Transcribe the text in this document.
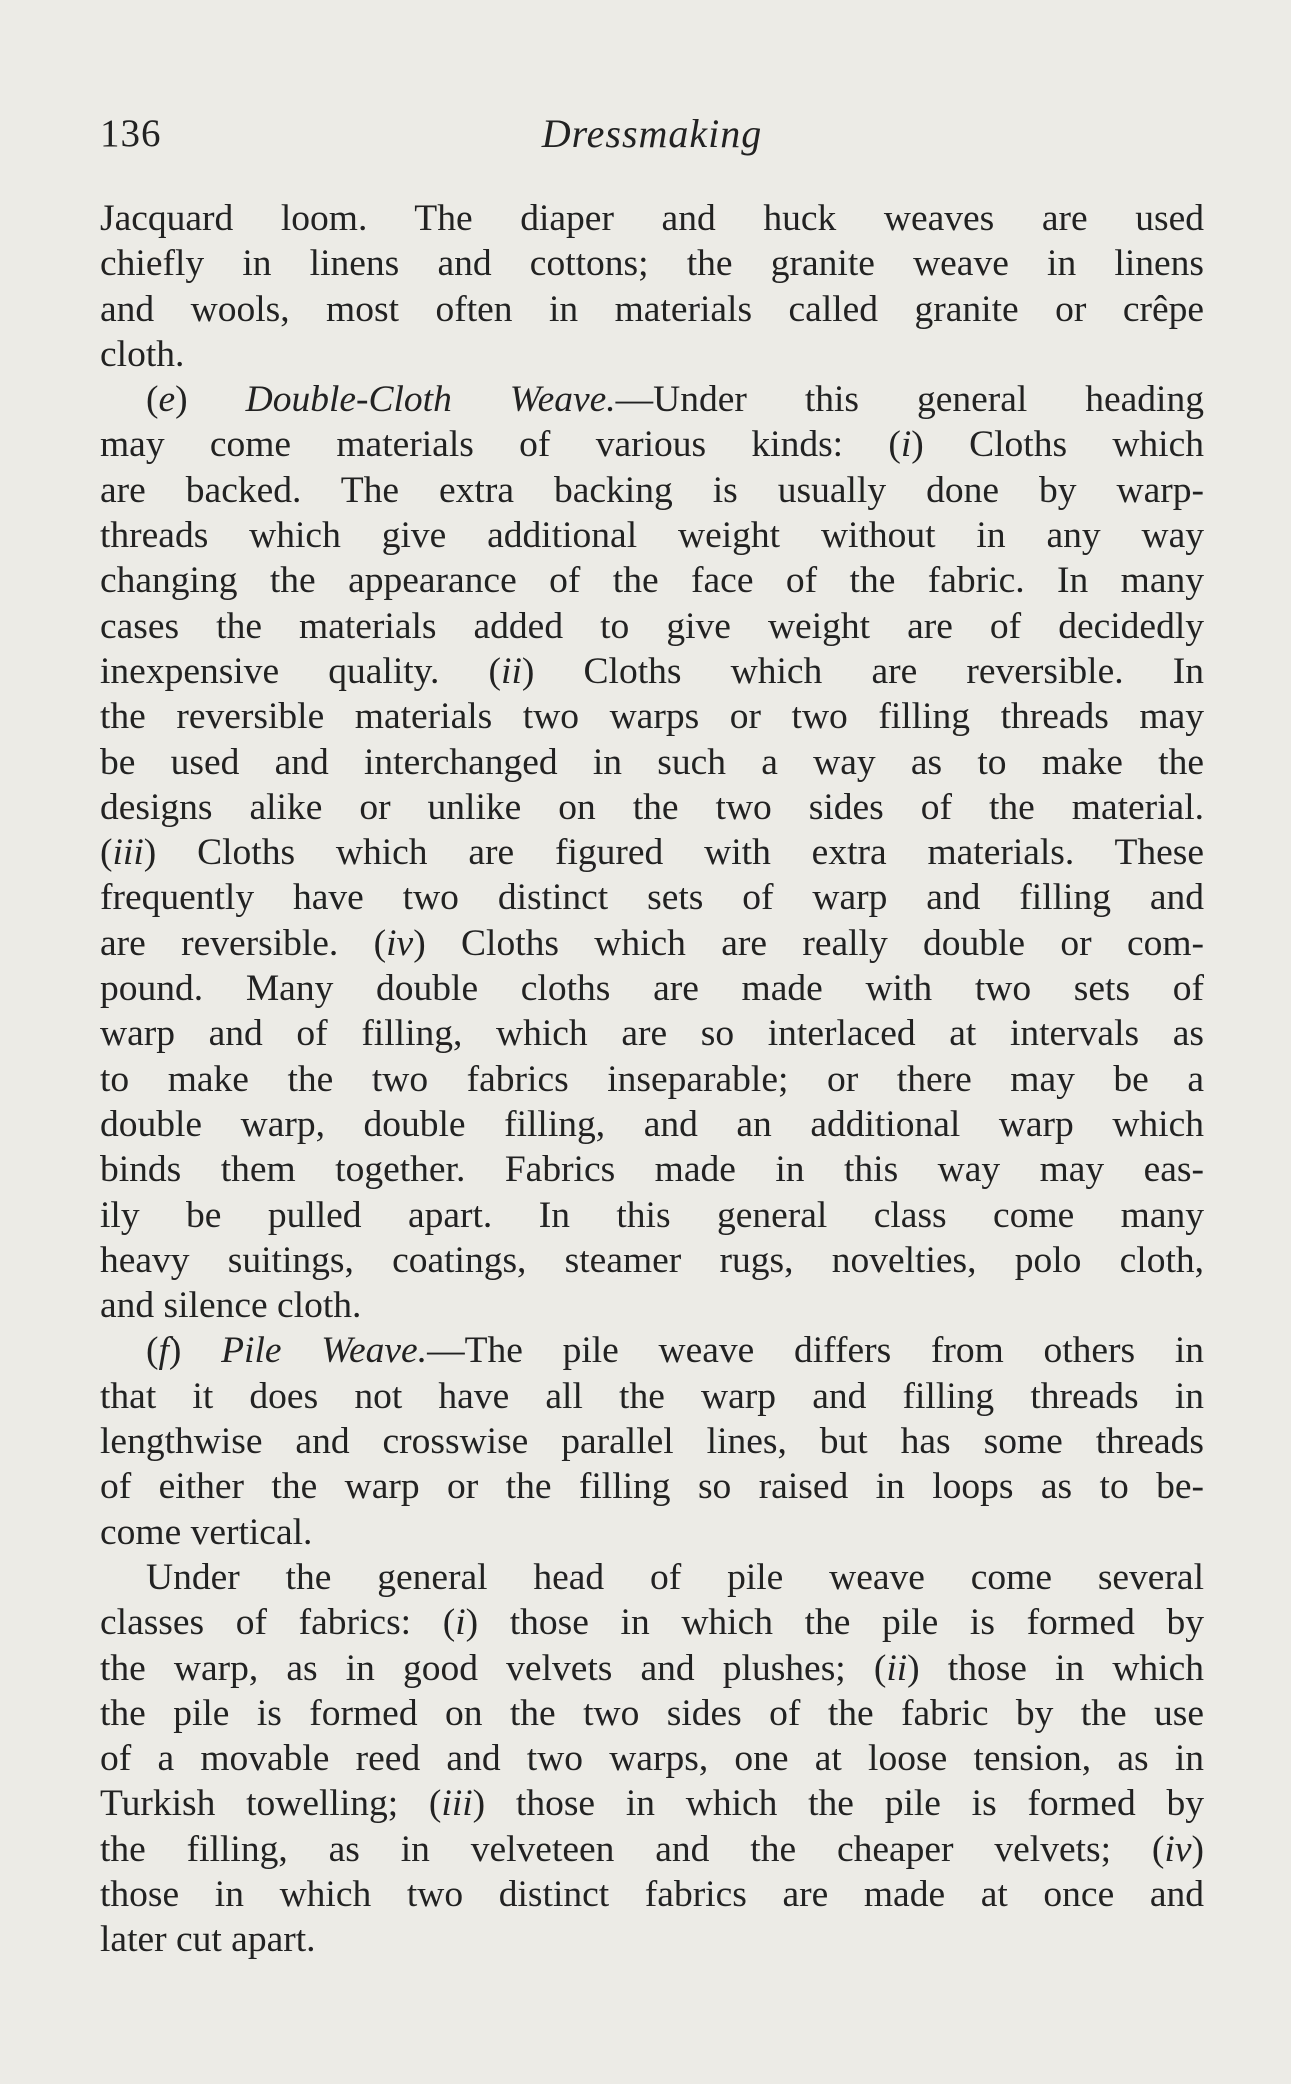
136	Dressmaking
Jacquard loom. The diaper and huck weaves are used
chiefly in linens and cottons; the granite weave in linens
and wools, most often in materials called granite or crêpe
cloth.
(e) Double-Cloth Weave.—Under this general heading
may come materials of various kinds: (i) Cloths which
are backed. The extra backing is usually done by warp-
threads which give additional weight without in any way
changing the appearance of the face of the fabric. In many
cases the materials added to give weight are of decidedly
inexpensive quality. (ii) Cloths which are reversible. In
the reversible materials two warps or two filling threads may
be used and interchanged in such a way as to make the
designs alike or unlike on the two sides of the material.
(iii) Cloths which are figured with extra materials. These
frequently have two distinct sets of warp and filling and
are reversible. (iv) Cloths which are really double or com-
pound. Many double cloths are made with two sets of
warp and of filling, which are so interlaced at intervals as
to make the two fabrics inseparable; or there may be a
double warp, double filling, and an additional warp which
binds them together. Fabrics made in this way may eas-
ily be pulled apart. In this general class come many
heavy suitings, coatings, steamer rugs, novelties, polo cloth,
and silence cloth.
(f) Pile Weave.—The pile weave differs from others in
that it does not have all the warp and filling threads in
lengthwise and crosswise parallel lines, but has some threads
of either the warp or the filling so raised in loops as to be-
come vertical.
Under the general head of pile weave come several
classes of fabrics: (i) those in which the pile is formed by
the warp, as in good velvets and plushes; (ii) those in which
the pile is formed on the two sides of the fabric by the use
of a movable reed and two warps, one at loose tension, as in
Turkish towelling; (iii) those in which the pile is formed by
the filling, as in velveteen and the cheaper velvets; (iv)
those in which two distinct fabrics are made at once and
later cut apart.
